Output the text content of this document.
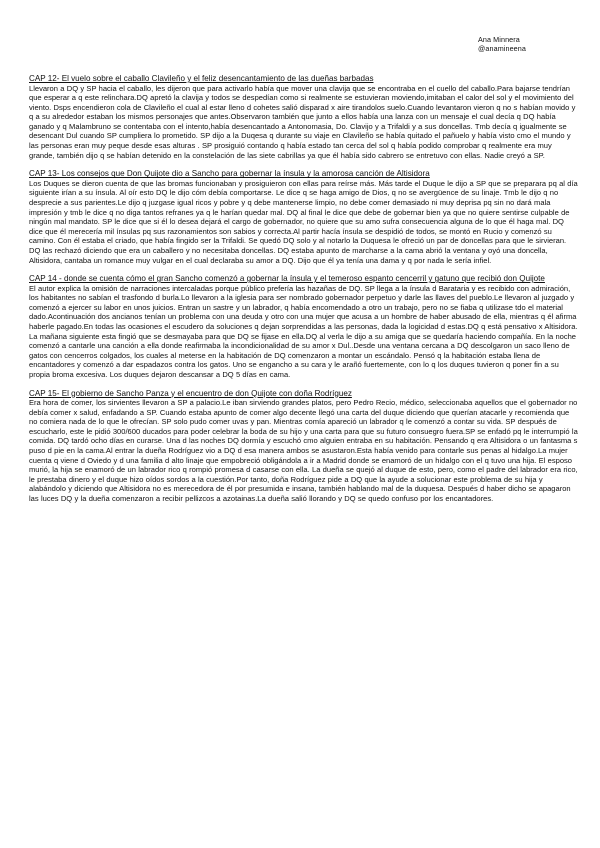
Ana Minnera
@anamineena
CAP 12- El vuelo sobre el caballo Clavileño y el feliz desencantamiento de las dueñas barbadas

Llevaron a DQ y SP hacia el caballo, les dijeron que para activarlo había que mover una clavija que se encontraba en el cuello del caballo.Para bajarse tendrían que esperar a q este relinchara.DQ apretó la clavija y todos se despedían como si realmente se estuvieran moviendo,imitaban el calor del sol y el movimiento del viento. Dsps encendieron cola de Clavileño el cual al estar lleno d cohetes salió disparad x aire tirandolos suelo.Cuando levantaron vieron q no s habían movido y q a su alrededor estaban los mismos personajes que antes.Observaron también que junto a ellos había una lanza con un mensaje el cual decía q DQ había ganado y q Malambruno se contentaba con el intento,había desencantado a Antonomasia, Do. Clavijo y a Trifaldi y a sus doncellas. Tmb decía q igualmente se desencant Dul cuando SP cumpliera lo prometido. SP dijo a la Duqesa q durante su viaje en Clavileño se había quitado el pañuelo y había visto cmo el mundo y las personas eran muy peque desde esas alturas . SP prosiguió contando q había estado tan cerca del sol q había podido comprobar q realmente era muy grande, también dijo q se habían detenido en la constelación de las siete cabrillas ya que él había sido cabrero se entretuvo con ellas. Nadie creyó a SP.

CAP 13- Los consejos que Don Quijote dio a Sancho para gobernar la ínsula y la amorosa canción de Altisidora

Los Duques se dieron cuenta de que las bromas funcionaban y prosiguieron con ellas para reírse más. Más tarde el Duque le dijo a SP que se preparara pq al día siguiente irían a su ínsula. Al oír esto DQ le dijo cóm debía comportarse. Le dice q se haga amigo de Dios, q no se avergüence de su linaje. Tmb le dijo q no desprecie a sus parientes.Le dijo q juzgase igual ricos y pobre y q debe mantenerse limpio, no debe comer demasiado ni muy deprisa pq sin no dará mala impresión y tmb le dice q no diga tantos refranes ya q le harían quedar mal. DQ al final le dice que debe de gobernar bien ya que no quiere sentirse culpable de ningún mal mandato. SP le dice que si él lo desea dejará el cargo de gobernador, no quiere que su amo sufra consecuencia alguna de lo que él haga mal. DQ dice que él merecería mil ínsulas pq sus razonamientos son sabios y correcta.Al partir hacía ínsula se despidió de todos, se montó en Rucio y comenzó su camino. Con él estaba el criado, que había fingido ser la Trifaldi. Se quedó DQ solo y al notarlo la Duquesa le ofreció un par de doncellas para que le sirvieran. DQ las rechazó diciendo que era un caballero y no necesitaba doncellas. DQ estaba apunto de marcharse a la cama abrió la ventana y oyó una doncella, Altisidora, cantaba un romance muy vulgar en el cual declaraba su amor a DQ. Dijo que él ya tenía una dama y q por nada le sería infiel.

CAP 14 - donde se cuenta cómo el gran Sancho comenzó a gobernar la ínsula y el temeroso espanto cencerril y gatuno que recibió don Quijote

El autor explica la omisión de narraciones intercaladas porque público prefería las hazañas de DQ. SP llega a la ínsula d Barataria y es recibido con admiración, los habitantes no sabían el trasfondo d burla.Lo llevaron a la iglesia para ser nombrado gobernador perpetuo y darle las llaves del pueblo.Le llevaron al juzgado y comenzó a ejercer su labor en unos juicios. Entran un sastre y un labrador, q había encomendado a otro un trabajo, pero no se fiaba q utilizase tdo el material dado.Acontinuación dos ancianos tenían un problema con una deuda y otro con una mujer que acusa a un hombre de haber abusado de ella, mientras q él afirma haberle pagado.En todas las ocasiones el escudero da soluciones q dejan sorprendidas a las personas, dada la logicidad d estas.DQ q está pensativo x Altisidora. La mañana siguiente esta fingió que se desmayaba para que DQ se fijase en ella.DQ al verla le dijo a su amiga que se quedaría haciendo compañía. En la noche comenzó a cantarle una canción a ella donde reafirmaba la incondicionalidad de su amor x Dul..Desde una ventana cercana a DQ descolgaron un saco lleno de gatos con cencerros colgados, los cuales al meterse en la habitación de DQ comenzaron a montar un escándalo. Pensó q la habitación estaba llena de encantadores y comenzó a dar espadazos contra los gatos. Uno se engancho a su cara y le arañó fuertemente, con lo q los duques tuvieron q poner fin a su propia broma excesiva. Los duques dejaron descansar a DQ 5 días en cama.

CAP 15- El gobierno de Sancho Panza y el encuentro de don Quijote con doña Rodríguez

Era hora de comer, los sirvientes llevaron a SP a palacio.Le iban sirviendo grandes platos, pero Pedro Recio, médico, seleccionaba aquellos que el gobernador no debía comer x salud, enfadando a SP. Cuando estaba apunto de comer algo decente llegó una carta del duque diciendo que querían atacarle y recomienda que no comiera nada de lo que le ofrecían. SP solo pudo comer uvas y pan. Mientras comía apareció un labrador q le comenzó a contar su vida. SP después de escucharlo, este le pidió 300/600 ducados para poder celebrar la boda de su hijo y una carta para que su futuro consuegro fuera.SP se enfadó pq le interrumpió la comida. DQ tardó ocho días en curarse. Una d las noches DQ dormía y escuchó cmo alguien entraba en su habitación. Pensando q era Altisidora o un fantasma s puso d pie en la cama.Al entrar la dueña Rodríguez vio a DQ d esa manera ambos se asustaron.Esta había venido para contarle sus penas al hidalgo.La mujer cuenta q viene d Oviedo y d una familia d alto linaje que empobreció obligándola a ir a Madrid donde se enamoró de un hidalgo con el q tuvo una hija. El esposo murió, la hija se enamoró de un labrador rico q rompió promesa d casarse con ella. La dueña se quejó al duque de esto, pero, como el padre del labrador era rico, le prestaba dinero y el duque hizo oídos sordos a la cuestión.Por tanto, doña Rodríguez pide a DQ que la ayude a solucionar este problema de su hija y alabándolo y diciendo que Altisidora no es merecedora de él por presumida e insana, también hablando mal de la duquesa. Después d haber dicho se apagaron las luces DQ y la dueña comenzaron a recibir pellizcos a azotainas.La dueña salió llorando y DQ se quedo confuso por los encantadores.
